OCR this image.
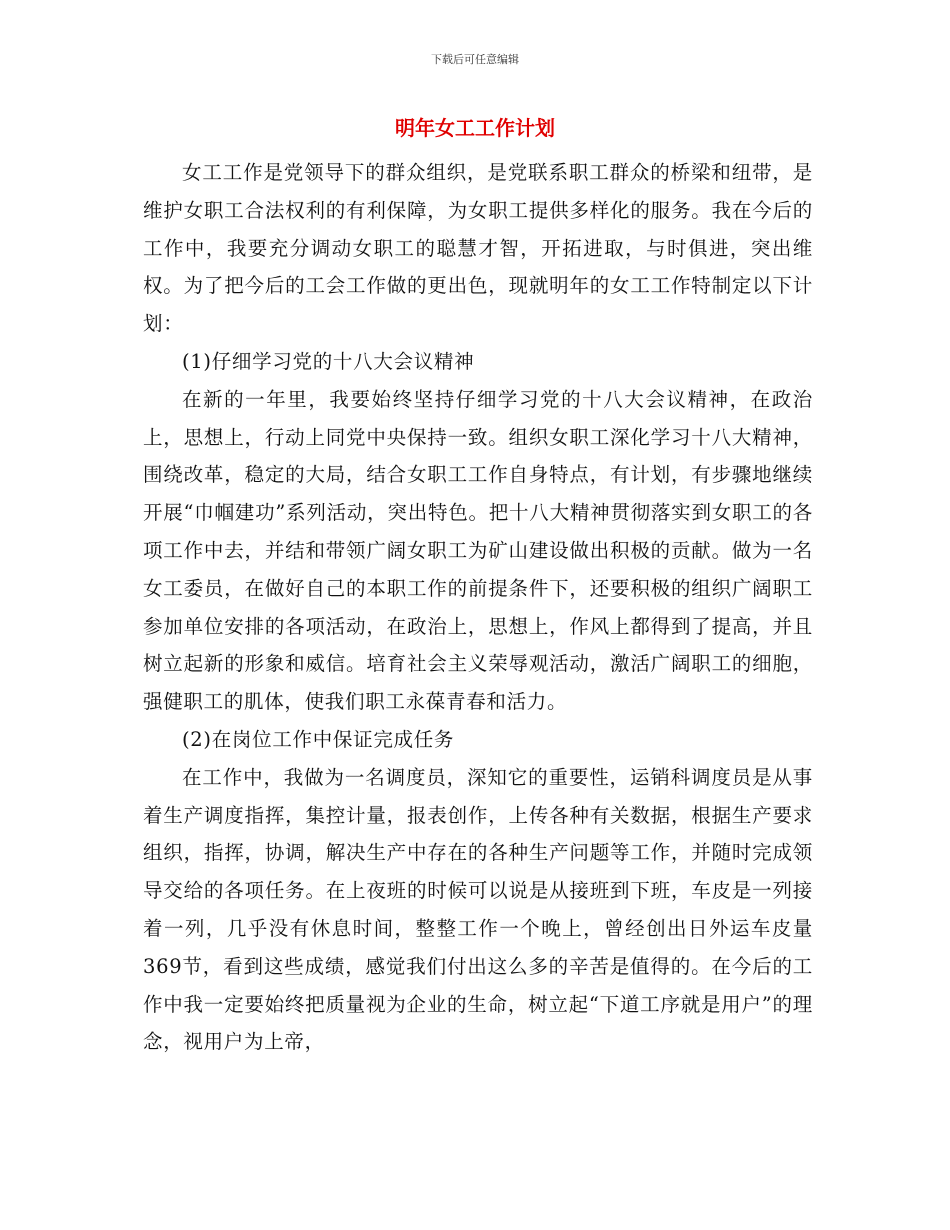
下载后可任意编辑
明年女工工作计划

女工工作是党领导下的群众组织，是党联系职工群众的桥梁和纽带，是维护女职工合法权利的有利保障，为女职工提供多样化的服务。我在今后的工作中，我要充分调动女职工的聪慧才智，开拓进取，与时俱进，突出维权。为了把今后的工会工作做的更出色，现就明年的女工工作特制定以下计划：

(1)仔细学习党的十八大会议精神

在新的一年里，我要始终坚持仔细学习党的十八大会议精神，在政治上，思想上，行动上同党中央保持一致。组织女职工深化学习十八大精神，围绕改革，稳定的大局，结合女职工工作自身特点，有计划，有步骤地继续开展“巾帼建功”系列活动，突出特色。把十八大精神贯彻落实到女职工的各项工作中去，并结和带领广阔女职工为矿山建设做出积极的贡献。做为一名女工委员，在做好自己的本职工作的前提条件下，还要积极的组织广阔职工参加单位安排的各项活动，在政治上，思想上，作风上都得到了提高，并且树立起新的形象和威信。培育社会主义荣辱观活动，激活广阔职工的细胞，强健职工的肌体，使我们职工永葆青春和活力。

(2)在岗位工作中保证完成任务

在工作中，我做为一名调度员，深知它的重要性，运销科调度员是从事着生产调度指挥，集控计量，报表创作，上传各种有关数据，根据生产要求组织，指挥，协调，解决生产中存在的各种生产问题等工作，并随时完成领导交给的各项任务。在上夜班的时候可以说是从接班到下班，车皮是一列接着一列，几乎没有休息时间，整整工作一个晚上，曾经创出日外运车皮量369节，看到这些成绩，感觉我们付出这么多的辛苦是值得的。在今后的工作中我一定要始终把质量视为企业的生命，树立起“下道工序就是用户”的理念，视用户为上帝，
